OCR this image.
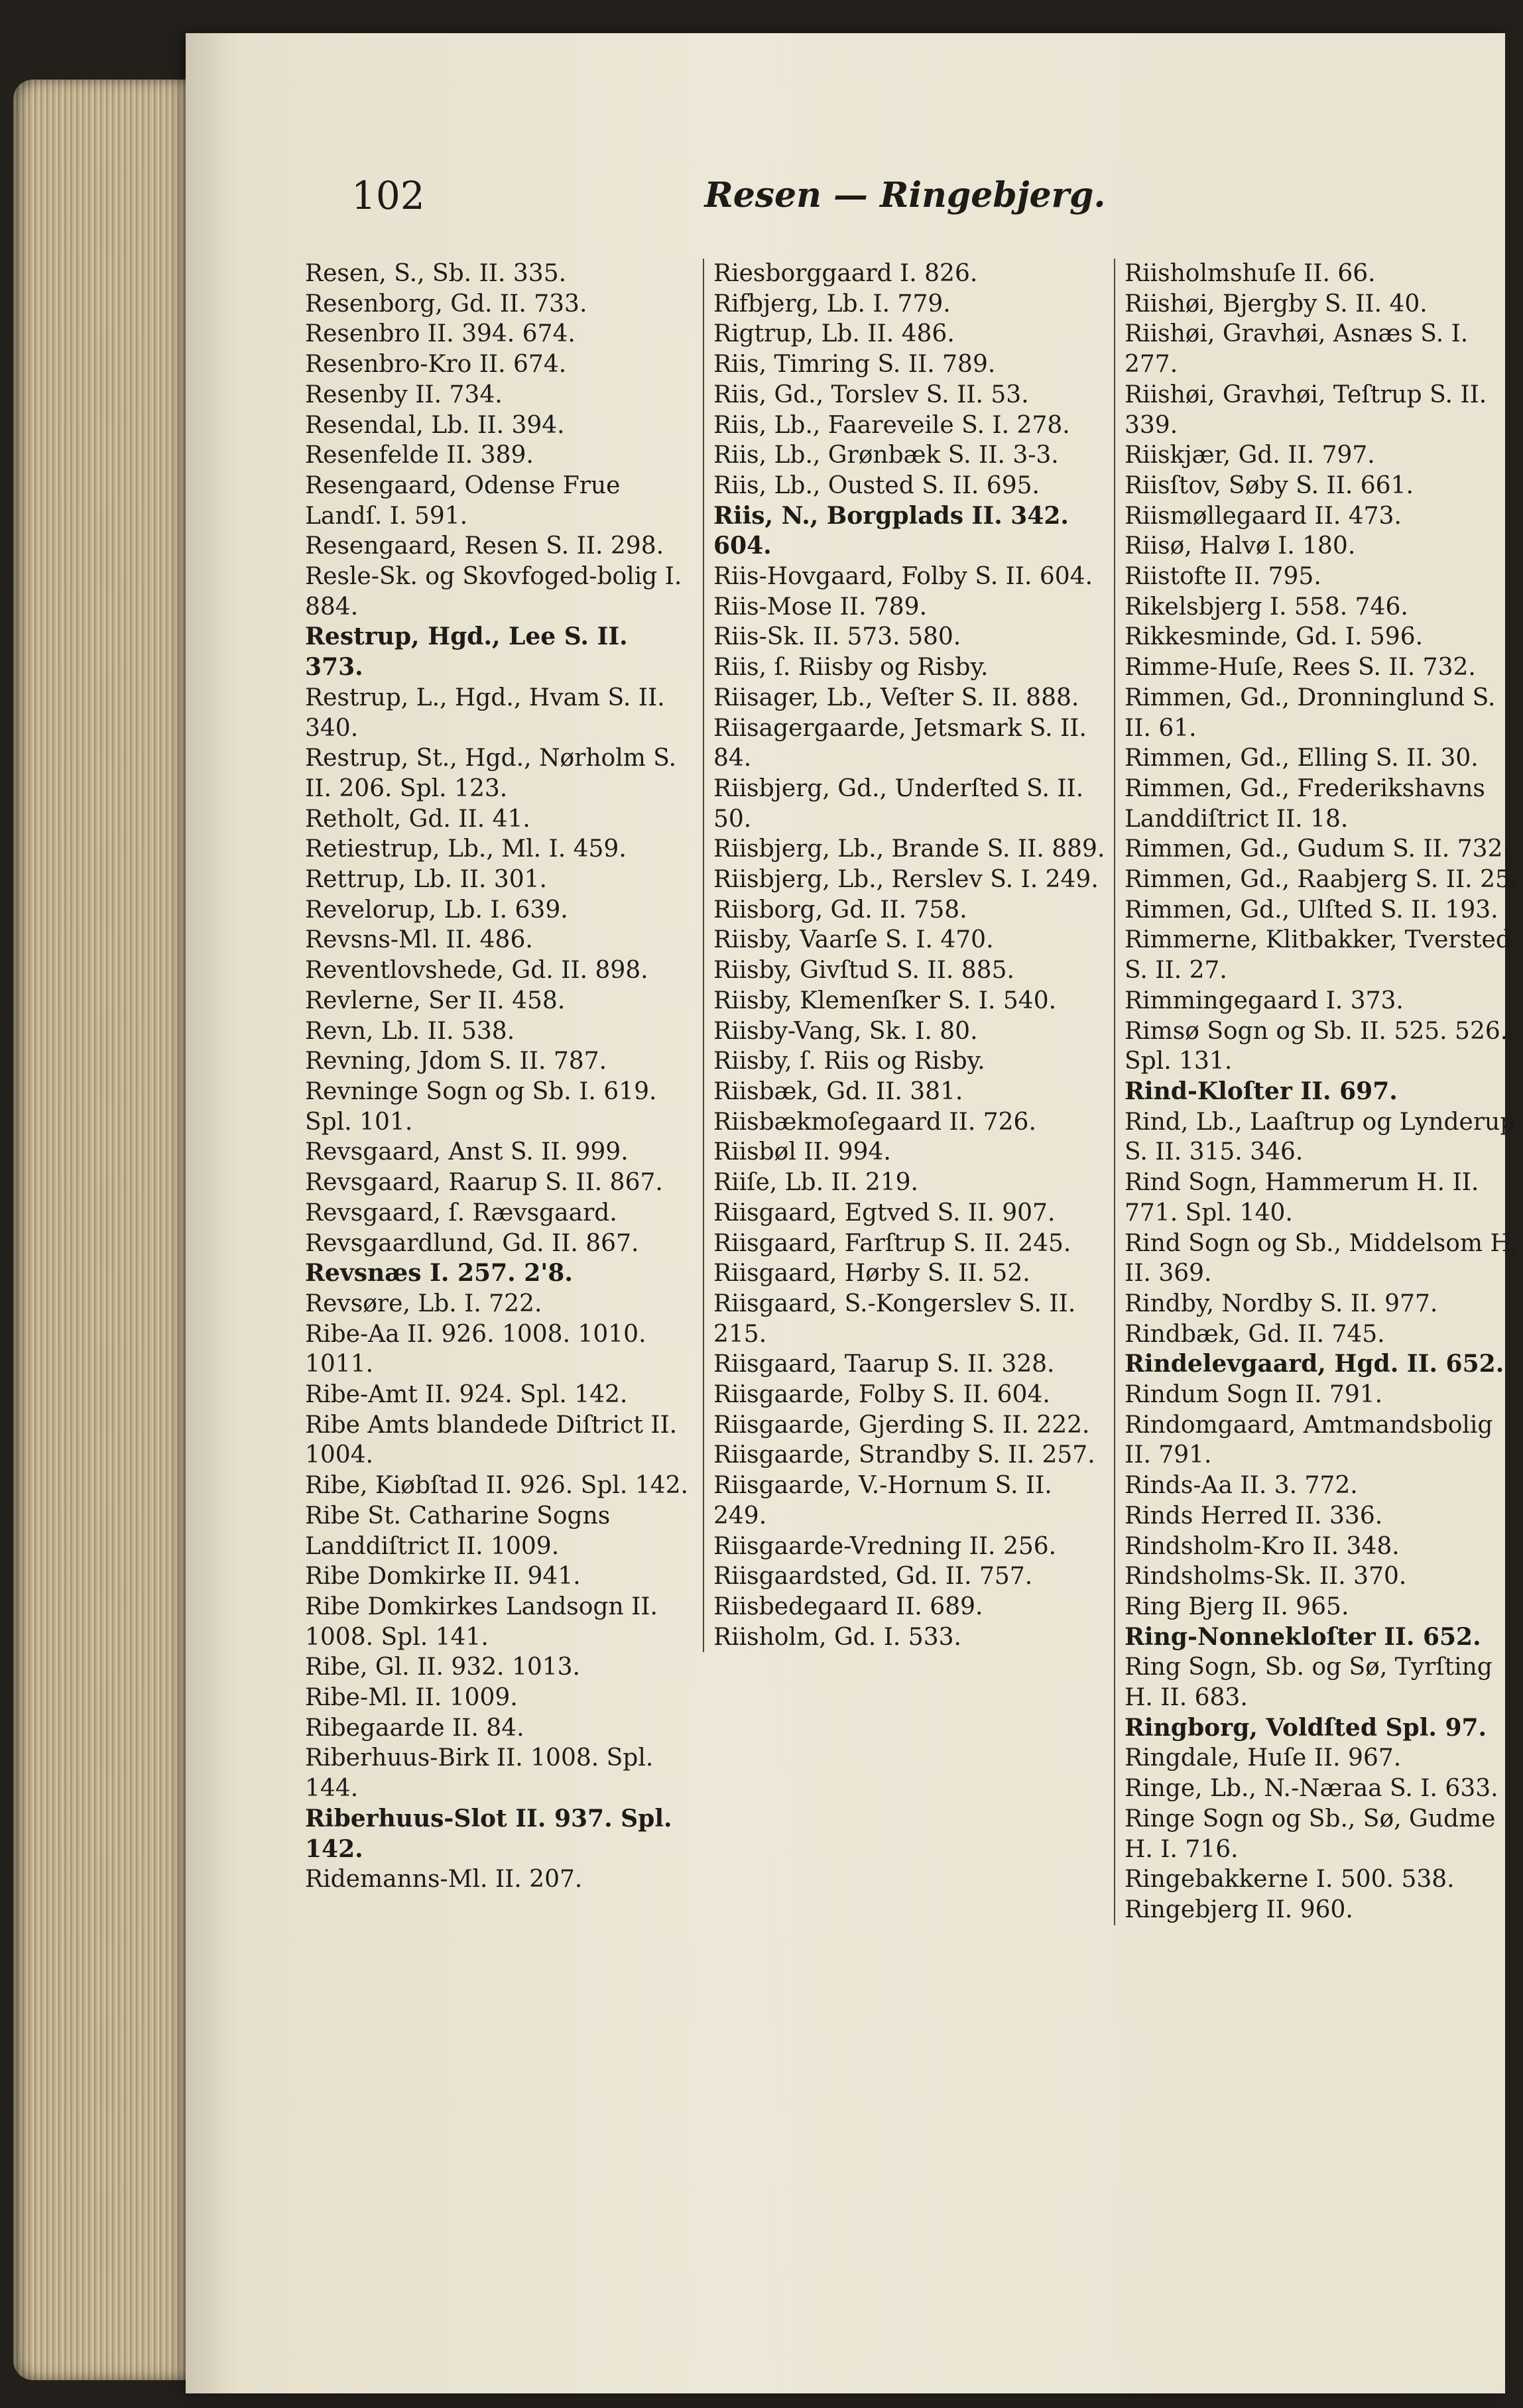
102	Resen — Ringebjerg.

Resen, S., Sb. II. 335.

Resenborg, Gd. II. 733.

Resenbro II. 394. 674.

Resenbro-Kro II. 674.

Resenby II. 734.

Resendal, Lb. II. 394.

Resenfelde II. 389.

Resengaard, Odense Frue Landſ. I. 591.

Resengaard, Resen S. II. 298.

Resle-Sk. og Skovfoged-bolig I. 884.

Restrup, Hgd., Lee S. II. 373.

Restrup, L., Hgd., Hvam S. II. 340.

Restrup, St., Hgd., Nørholm S. II. 206. Spl. 123.

Retholt, Gd. II. 41.

Retiestrup, Lb., Ml. I. 459.

Rettrup, Lb. II. 301.

Revelorup, Lb. I. 639.

Revsns-Ml. II. 486.

Reventlovshede, Gd. II. 898.

Revlerne, Ser II. 458.

Revn, Lb. II. 538.

Revning, Jdom S. II. 787.

Revninge Sogn og Sb. I. 619. Spl. 101.

Revsgaard, Anst S. II. 999.

Revsgaard, Raarup S. II. 867.

Revsgaard, ſ. Rævsgaard.

Revsgaardlund, Gd. II. 867.

Revsnæs I. 257. 2'8.

Revsøre, Lb. I. 722.

Ribe-Aa II. 926. 1008. 1010. 1011.

Ribe-Amt II. 924. Spl. 142.

Ribe Amts blandede Diſtrict II. 1004.

Ribe, Kiøbſtad II. 926. Spl. 142.

Ribe St. Catharine Sogns Landdiſtrict II. 1009.

Ribe Domkirke II. 941.

Ribe Domkirkes Landsogn II. 1008. Spl. 141.

Ribe, Gl. II. 932. 1013.

Ribe-Ml. II. 1009.

Ribegaarde II. 84.

Riberhuus-Birk II. 1008. Spl. 144.

Riberhuus-Slot II. 937. Spl. 142.

Ridemanns-Ml. II. 207.

Riesborggaard I. 826.

Rifbjerg, Lb. I. 779.

Rigtrup, Lb. II. 486.

Riis, Timring S. II. 789.

Riis, Gd., Torslev S. II. 53.

Riis, Lb., Faarevеile S. I. 278.

Riis, Lb., Grønbæk S. II. 3-3.

Riis, Lb., Ousted S. II. 695.

Riis, N., Borgplads II. 342. 604.

Riis-Hovgaard, Folby S. II. 604.

Riis-Mose II. 789.

Riis-Sk. II. 573. 580.

Riis, ſ. Riisby og Risby.

Riisager, Lb., Veſter S. II. 888.

Riisagergaarde, Jetsmark S. II. 84.

Riisbjerg, Gd., Underſted S. II. 50.

Riisbjerg, Lb., Brande S. II. 889.

Riisbjerg, Lb., Rerslev S. I. 249.

Riisborg, Gd. II. 758.

Riisby, Vaarſe S. I. 470.

Riisby, Givſtud S. II. 885.

Riisby, Klemenſker S. I. 540.

Riisby-Vang, Sk. I. 80.

Riisby, ſ. Riis og Risby.

Riisbæk, Gd. II. 381.

Riisbækmoſegaard II. 726.

Riisbøl II. 994.

Riiſe, Lb. II. 219.

Riisgaard, Egtved S. II. 907.

Riisgaard, Farſtrup S. II. 245.

Riisgaard, Hørby S. II. 52.

Riisgaard, S.-Kongerslev S. II. 215.

Riisgaard, Taarup S. II. 328.

Riisgaarde, Folby S. II. 604.

Riisgaarde, Gjerding S. II. 222.

Riisgaarde, Strandby S. II. 257.

Riisgaarde, V.-Hornum S. II. 249.

Riisgaarde-Vredning II. 256.

Riisgaardsted, Gd. II. 757.

Riisbedegaard II. 689.

Riisholm, Gd. I. 533.

Riisholmshuſe II. 66.

Riishøi, Bjergby S. II. 40.

Riishøi, Gravhøi, Asnæs S. I. 277.

Riishøi, Gravhøi, Teſtrup S. II. 339.

Riiskjær, Gd. II. 797.

Riisſtov, Søby S. II. 661.

Riismøllegaard II. 473.

Riisø, Halvø I. 180.

Riistofte II. 795.

Rikelsbjerg I. 558. 746.

Rikkesminde, Gd. I. 596.

Rimme-Huſe, Rees S. II. 732.

Rimmen, Gd., Dronninglund S. II. 61.

Rimmen, Gd., Elling S. II. 30.

Rimmen, Gd., Frederikshavns Landdiſtrict II. 18.

Rimmen, Gd., Gudum S. II. 732.

Rimmen, Gd., Raabjerg S. II. 25.

Rimmen, Gd., Ulſted S. II. 193.

Rimmerne, Klitbakker, Tversted S. II. 27.

Rimmingegaard I. 373.

Rimsø Sogn og Sb. II. 525. 526. Spl. 131.

Rind-Kloſter II. 697.

Rind, Lb., Laaſtrup og Lynderup S. II. 315. 346.

Rind Sogn, Hammerum H. II. 771. Spl. 140.

Rind Sogn og Sb., Middelsom H. II. 369.

Rindby, Nordby S. II. 977.

Rindbæk, Gd. II. 745.

Rindelevgaard, Hgd. II. 652.

Rindum Sogn II. 791.

Rindomgaard, Amtmandsbolig II. 791.

Rinds-Aa II. 3. 772.

Rinds Herred II. 336.

Rindsholm-Kro II. 348.

Rindsholms-Sk. II. 370.

Ring Bjerg II. 965.

Ring-Nonnekloſter II. 652.

Ring Sogn, Sb. og Sø, Tyrſting H. II. 683.

Ringborg, Voldſted Spl. 97.

Ringdale, Huſe II. 967.

Ringe, Lb., N.-Næraa S. I. 633.

Ringe Sogn og Sb., Sø, Gudme H. I. 716.

Ringebakkerne I. 500. 538.

Ringebjerg II. 960.
